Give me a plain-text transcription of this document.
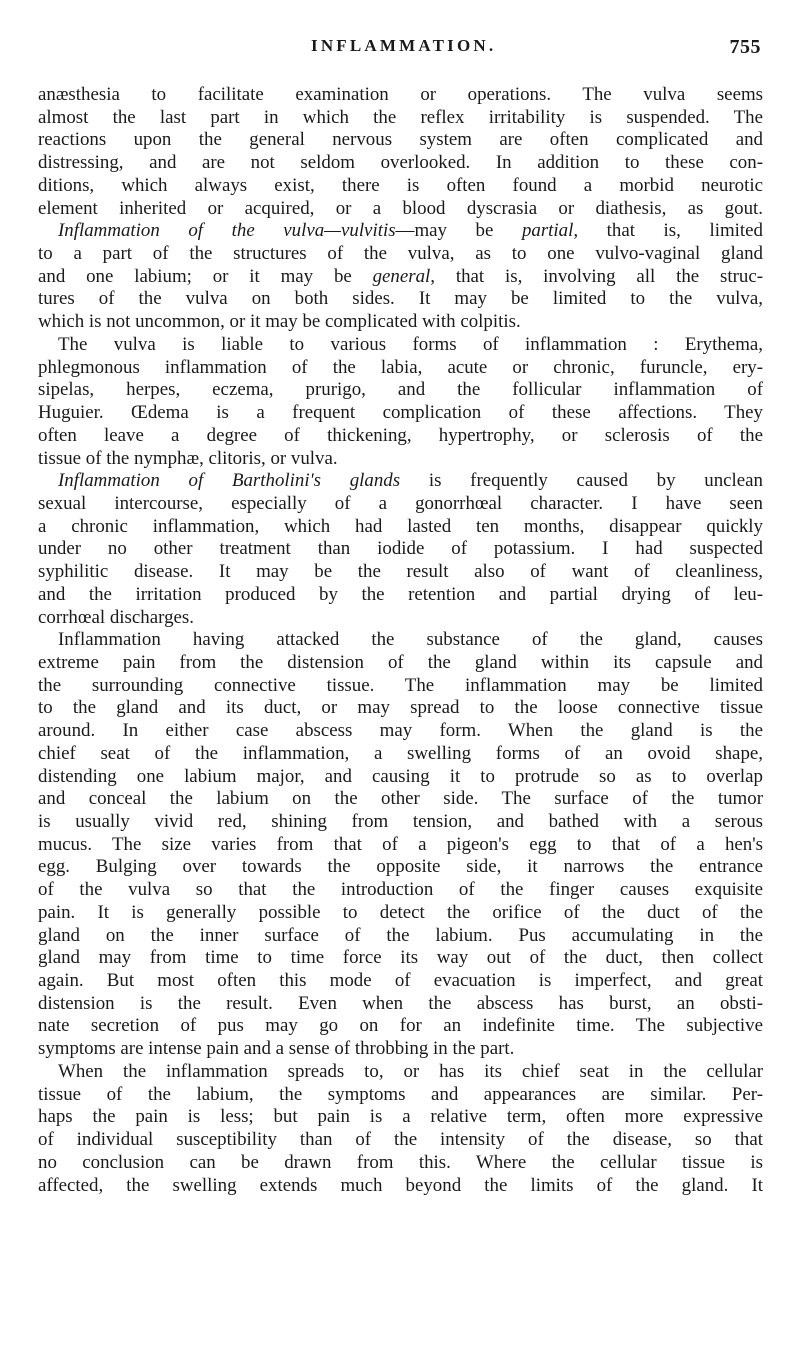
INFLAMMATION.	755
anæsthesia to facilitate examination or operations. The vulva seems
almost the last part in which the reflex irritability is suspended. The
reactions upon the general nervous system are often complicated and
distressing, and are not seldom overlooked. In addition to these con-
ditions, which always exist, there is often found a morbid neurotic
element inherited or acquired, or a blood dyscrasia or diathesis, as gout.
Inflammation of the vulva—vulvitis—may be partial, that is, limited
to a part of the structures of the vulva, as to one vulvo-vaginal gland
and one labium; or it may be general, that is, involving all the struc-
tures of the vulva on both sides. It may be limited to the vulva,
which is not uncommon, or it may be complicated with colpitis.
The vulva is liable to various forms of inflammation : Erythema,
phlegmonous inflammation of the labia, acute or chronic, furuncle, ery-
sipelas, herpes, eczema, prurigo, and the follicular inflammation of
Huguier. Œdema is a frequent complication of these affections. They
often leave a degree of thickening, hypertrophy, or sclerosis of the
tissue of the nymphæ, clitoris, or vulva.
Inflammation of Bartholini's glands is frequently caused by unclean
sexual intercourse, especially of a gonorrhœal character. I have seen
a chronic inflammation, which had lasted ten months, disappear quickly
under no other treatment than iodide of potassium. I had suspected
syphilitic disease. It may be the result also of want of cleanliness,
and the irritation produced by the retention and partial drying of leu-
corrhœal discharges.
Inflammation having attacked the substance of the gland, causes
extreme pain from the distension of the gland within its capsule and
the surrounding connective tissue. The inflammation may be limited
to the gland and its duct, or may spread to the loose connective tissue
around. In either case abscess may form. When the gland is the
chief seat of the inflammation, a swelling forms of an ovoid shape,
distending one labium major, and causing it to protrude so as to overlap
and conceal the labium on the other side. The surface of the tumor
is usually vivid red, shining from tension, and bathed with a serous
mucus. The size varies from that of a pigeon's egg to that of a hen's
egg. Bulging over towards the opposite side, it narrows the entrance
of the vulva so that the introduction of the finger causes exquisite
pain. It is generally possible to detect the orifice of the duct of the
gland on the inner surface of the labium. Pus accumulating in the
gland may from time to time force its way out of the duct, then collect
again. But most often this mode of evacuation is imperfect, and great
distension is the result. Even when the abscess has burst, an obsti-
nate secretion of pus may go on for an indefinite time. The subjective
symptoms are intense pain and a sense of throbbing in the part.
When the inflammation spreads to, or has its chief seat in the cellular
tissue of the labium, the symptoms and appearances are similar. Per-
haps the pain is less; but pain is a relative term, often more expressive
of individual susceptibility than of the intensity of the disease, so that
no conclusion can be drawn from this. Where the cellular tissue is
affected, the swelling extends much beyond the limits of the gland. It
